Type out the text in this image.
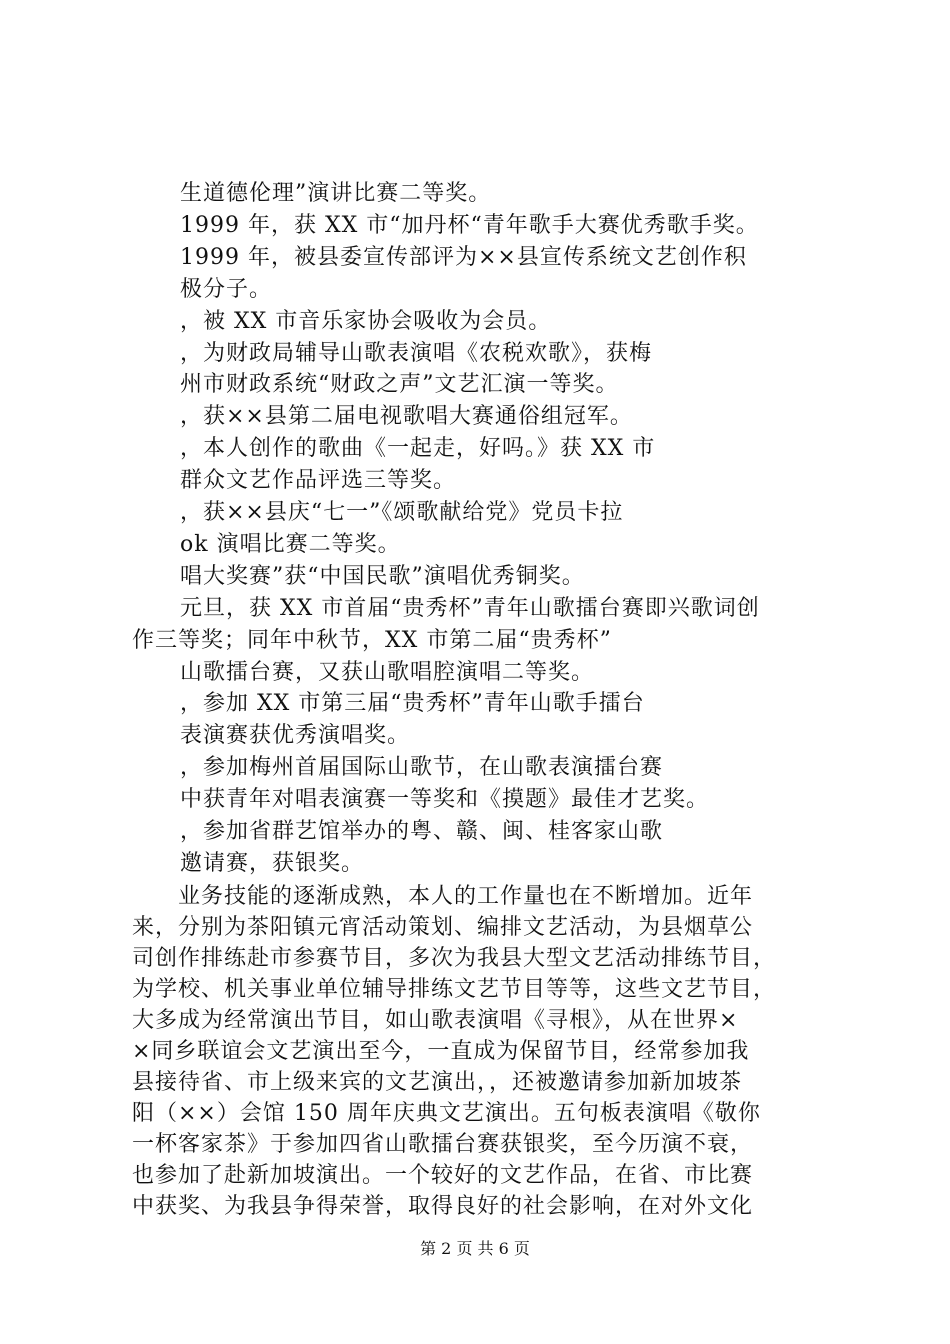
生道德伦理”演讲比赛二等奖。
1999 年，获 XX 市“加丹杯“青年歌手大赛优秀歌手奖。
1999 年，被县委宣传部评为××县宣传系统文艺创作积
极分子。
，被 XX 市音乐家协会吸收为会员。
，为财政局辅导山歌表演唱《农税欢歌》，获梅
州市财政系统“财政之声”文艺汇演一等奖。
，获××县第二届电视歌唱大赛通俗组冠军。
，本人创作的歌曲《一起走，好吗。》获 XX 市
群众文艺作品评选三等奖。
，获××县庆“七一”《颂歌献给党》党员卡拉
ok 演唱比赛二等奖。
唱大奖赛”获“中国民歌”演唱优秀铜奖。
元旦，获 XX 市首届“贵秀杯”青年山歌擂台赛即兴歌词创
作三等奖；同年中秋节，XX 市第二届“贵秀杯”
山歌擂台赛，又获山歌唱腔演唱二等奖。
，参加 XX 市第三届“贵秀杯”青年山歌手擂台
表演赛获优秀演唱奖。
，参加梅州首届国际山歌节，在山歌表演擂台赛
中获青年对唱表演赛一等奖和《摸题》最佳才艺奖。
，参加省群艺馆举办的粤、赣、闽、桂客家山歌
邀请赛，获银奖。
　　业务技能的逐渐成熟，本人的工作量也在不断增加。近年
来，分别为茶阳镇元宵活动策划、编排文艺活动，为县烟草公
司创作排练赴市参赛节目，多次为我县大型文艺活动排练节目，
为学校、机关事业单位辅导排练文艺节目等等，这些文艺节目，
大多成为经常演出节目，如山歌表演唱《寻根》，从在世界×
×同乡联谊会文艺演出至今，一直成为保留节目，经常参加我
县接待省、市上级来宾的文艺演出，，还被邀请参加新加坡茶
阳（××）会馆 150 周年庆典文艺演出。五句板表演唱《敬你
一杯客家茶》于参加四省山歌擂台赛获银奖，至今历演不衰，
也参加了赴新加坡演出。一个较好的文艺作品，在省、市比赛
中获奖、为我县争得荣誉，取得良好的社会影响，在对外文化
第 2 页 共 6 页
